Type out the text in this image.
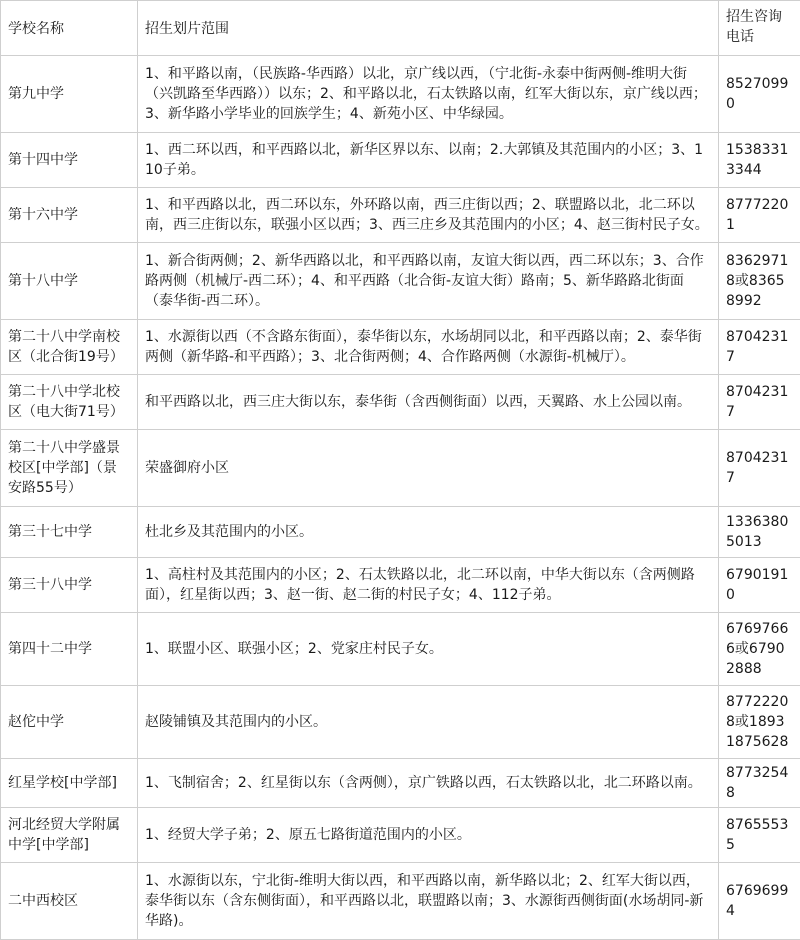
学校名称	招生划片范围	招生咨询电话
第九中学	1、和平路以南，（民族路-华西路）以北，京广线以西，（宁北街-永泰中街两侧-维明大街（兴凯路至华西路））以东；2、和平路以北，石太铁路以南，红军大街以东，京广线以西；3、新华路小学毕业的回族学生；4、新苑小区、中华绿园。	85270990
第十四中学	1、西二环以西，和平西路以北，新华区界以东、以南；2.大郭镇及其范围内的小区；3、110子弟。	15383313344
第十六中学	1、和平西路以北，西二环以东，外环路以南，西三庄街以西；2、联盟路以北，北二环以南，西三庄街以东，联强小区以西；3、西三庄乡及其范围内的小区；4、赵三街村民子女。	87772201
第十八中学	1、新合街两侧；2、新华西路以北，和平西路以南，友谊大街以西，西二环以东；3、合作路两侧（机械厅-西二环）；4、和平西路（北合街-友谊大街）路南；5、新华路路北街面（泰华街-西二环）。	83629718或83658992
第二十八中学南校区（北合街19号）	1、水源街以西（不含路东街面），泰华街以东，水场胡同以北，和平西路以南；2、泰华街两侧（新华路-和平西路）；3、北合街两侧；4、合作路两侧（水源街-机械厅）。	87042317
第二十八中学北校区（电大街71号）	和平西路以北，西三庄大街以东，泰华街（含西侧街面）以西，天翼路、水上公园以南。	87042317
第二十八中学盛景校区[中学部]（景安路55号）	荣盛御府小区	87042317
第三十七中学	杜北乡及其范围内的小区。	13363805013
第三十八中学	1、高柱村及其范围内的小区；2、石太铁路以北，北二环以南，中华大街以东（含两侧路面），红星街以西；3、赵一街、赵二街的村民子女；4、112子弟。	67901910
第四十二中学	1、联盟小区、联强小区；2、党家庄村民子女。	67697666或67902888
赵佗中学	赵陵铺镇及其范围内的小区。	87722208或18931875628
红星学校[中学部]	1、飞制宿舍；2、红星街以东（含两侧），京广铁路以西，石太铁路以北，北二环路以南。	87732548
河北经贸大学附属中学[中学部]	1、经贸大学子弟；2、原五七路街道范围内的小区。	87655535
二中西校区	1、水源街以东，宁北街-维明大街以西，和平西路以南，新华路以北；2、红军大街以西，泰华街以东（含东侧街面），和平西路以北，联盟路以南；3、水源街西侧街面(水场胡同-新华路)。	67696994
